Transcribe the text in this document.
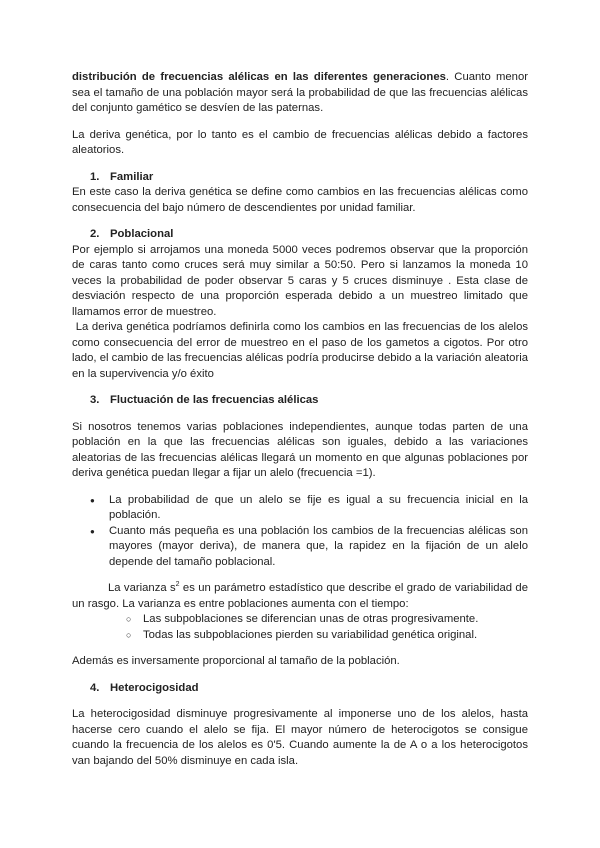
distribución de frecuencias alélicas en las diferentes generaciones. Cuanto menor sea el tamaño de una población mayor será la probabilidad de que las frecuencias alélicas del conjunto gamético se desvíen de las paternas.

La deriva genética, por lo tanto es el cambio de frecuencias alélicas debido a factores aleatorios.

1. Familiar

En este caso la deriva genética se define como cambios en las frecuencias alélicas como consecuencia del bajo número de descendientes por unidad familiar.

2. Poblacional

Por ejemplo si arrojamos una moneda 5000 veces podremos observar que la proporción de caras tanto como cruces será muy similar a 50:50. Pero si lanzamos la moneda 10 veces la probabilidad de poder observar 5 caras y 5 cruces disminuye . Esta clase de desviación respecto de una proporción esperada debido a un muestreo limitado que llamamos error de muestreo.

La deriva genética podríamos definirla como los cambios en las frecuencias de los alelos como consecuencia del error de muestreo en el paso de los gametos a cigotos. Por otro lado, el cambio de las frecuencias alélicas podría producirse debido a la variación aleatoria en la supervivencia y/o éxito

3. Fluctuación de las frecuencias alélicas

Si nosotros tenemos varias poblaciones independientes, aunque todas parten de una población en la que las frecuencias alélicas son iguales, debido a las variaciones aleatorias de las frecuencias alélicas llegará un momento en que algunas poblaciones por deriva genética puedan llegar a fijar un alelo (frecuencia =1).

● La probabilidad de que un alelo se fije es igual a su frecuencia inicial en la población.
● Cuanto más pequeña es una población los cambios de la frecuencias alélicas son mayores (mayor deriva), de manera que, la rapidez en la fijación de un alelo depende del tamaño poblacional.

La varianza $s^2$ es un parámetro estadístico que describe el grado de variabilidad de un rasgo. La varianza es entre poblaciones aumenta con el tiempo:

○ Las subpoblaciones se diferencian unas de otras progresivamente.
○ Todas las subpoblaciones pierden su variabilidad genética original.

Además es inversamente proporcional al tamaño de la población.

4. Heterocigosidad

La heterocigosidad disminuye progresivamente al imponerse uno de los alelos, hasta hacerse cero cuando el alelo se fija. El mayor número de heterocigotos se consigue cuando la frecuencia de los alelos es 0'5. Cuando aumente la de A o a los heterocigotos van bajando del 50% disminuye en cada isla.
